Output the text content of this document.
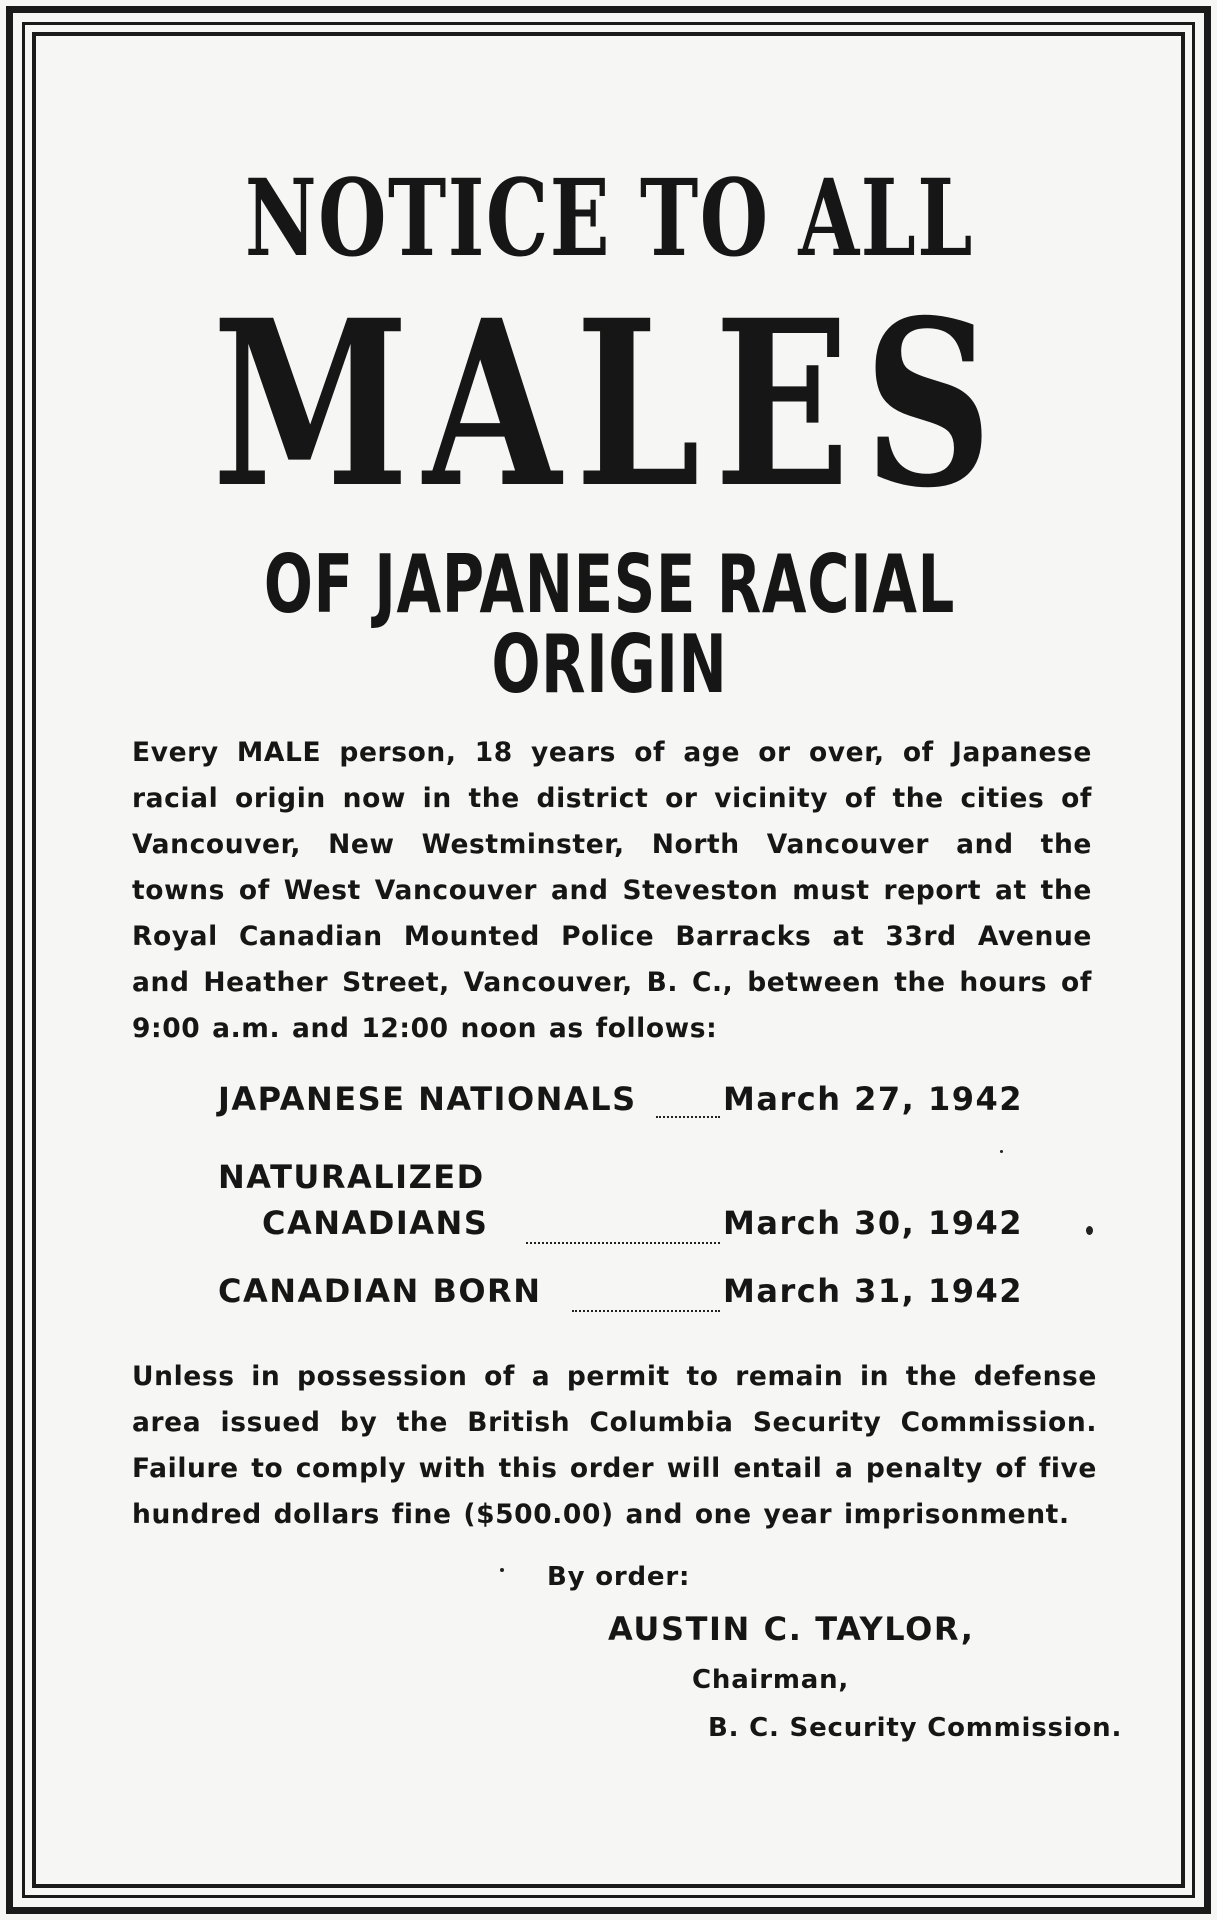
NOTICE TO ALL
MALES
OF JAPANESE RACIAL ORIGIN
Every MALE person, 18 years of age or over, of Japanese racial origin now in the district or vicinity of the cities of Vancouver, New Westminster, North Vancouver and the towns of West Vancouver and Steveston must report at the Royal Canadian Mounted Police Barracks at 33rd Avenue and Heather Street, Vancouver, B. C., between the hours of 9:00 a.m. and 12:00 noon as follows:
JAPANESE NATIONALS	March 27, 1942
NATURALIZED
CANADIANS	March 30, 1942
CANADIAN BORN	March 31, 1942
Unless in possession of a permit to remain in the defense area issued by the British Columbia Security Commission. Failure to comply with this order will entail a penalty of five hundred dollars fine ($500.00) and one year imprisonment.
By order:
AUSTIN C. TAYLOR,
Chairman,
B. C. Security Commission.
